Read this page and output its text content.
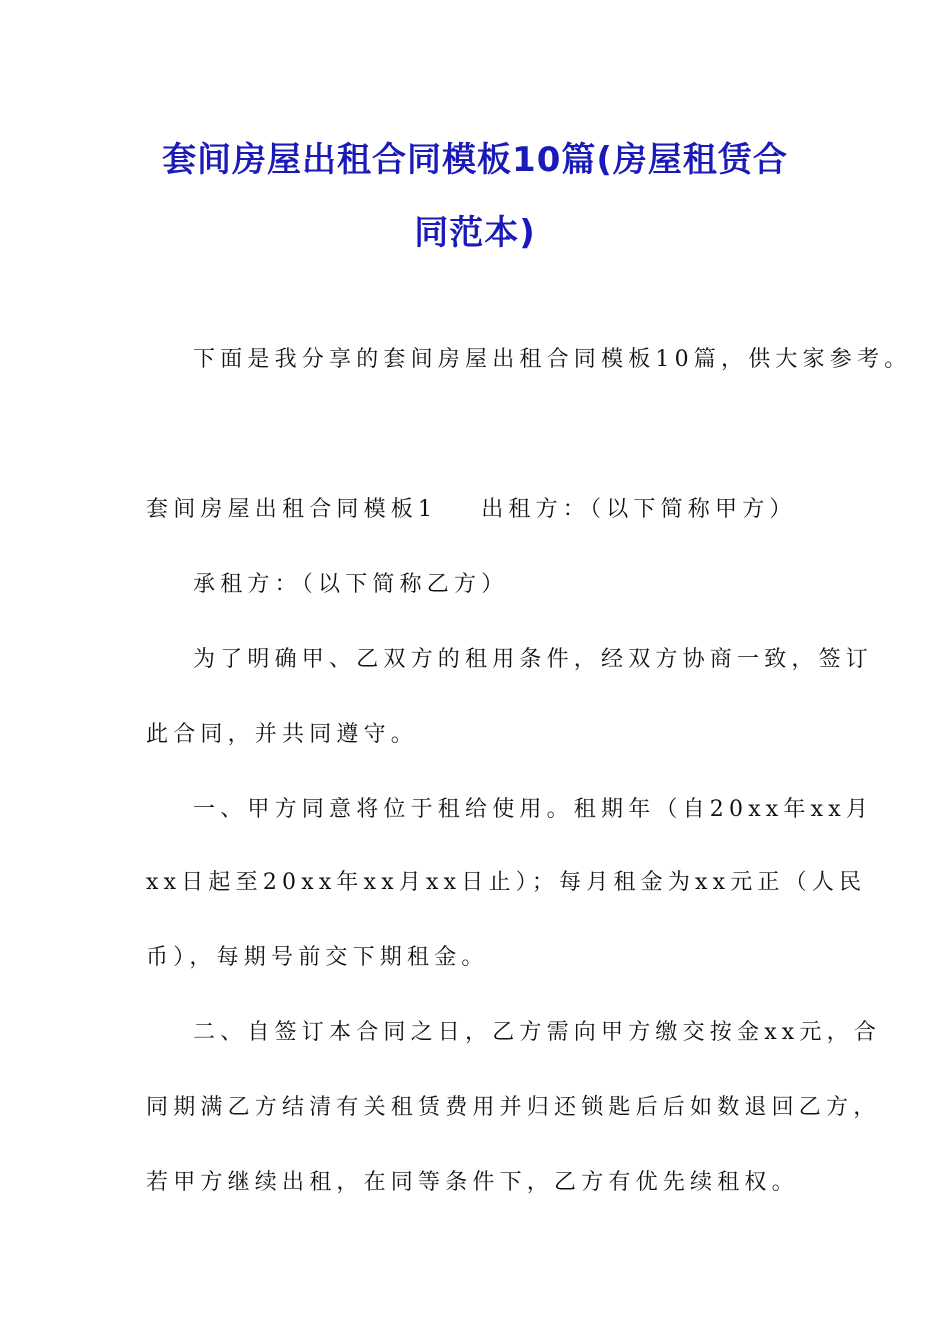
套间房屋出租合同模板10篇(房屋租赁合
同范本)
下面是我分享的套间房屋出租合同模板10篇，供大家参考。
套间房屋出租合同模板1 出租方：（以下简称甲方）
承租方：（以下简称乙方）
为了明确甲、乙双方的租用条件，经双方协商一致，签订
此合同，并共同遵守。
一、甲方同意将位于租给使用。租期年（自20xx年xx月
xx日起至20xx年xx月xx日止）；每月租金为xx元正（人民
币），每期号前交下期租金。
二、自签订本合同之日，乙方需向甲方缴交按金xx元，合
同期满乙方结清有关租赁费用并归还锁匙后后如数退回乙方，
若甲方继续出租，在同等条件下，乙方有优先续租权。
